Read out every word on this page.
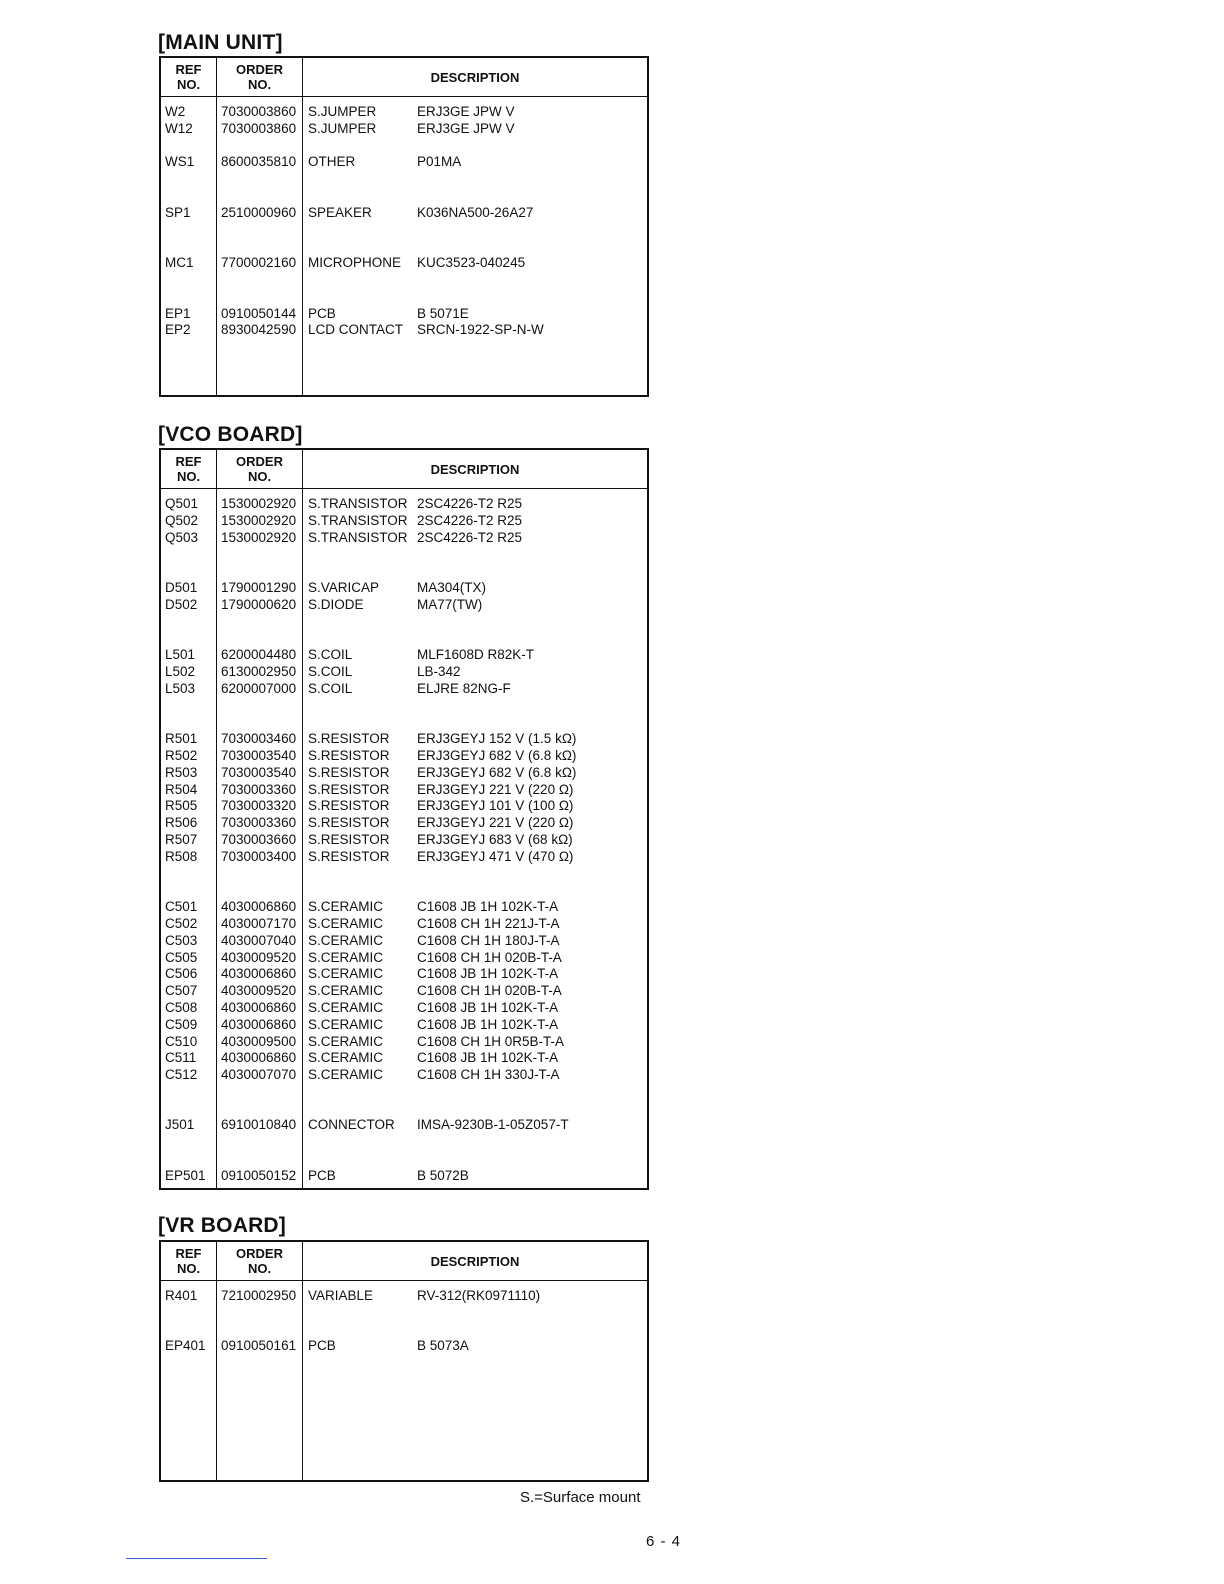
[MAIN UNIT]
REF
NO.
ORDER
NO.	DESCRIPTION
W2	7030003860 S.JUMPER	ERJ3GE JPW V
W12 7030003860 S.JUMPER	ERJ3GE JPW V
WS1 8600035810 OTHER	P01MA
SP1 2510000960 SPEAKER	K036NA500-26A27
MC1 7700002160 MICROPHONE KUC3523-040245
EP1 0910050144 PCB	B 5071E
EP2 8930042590 LCD CONTACT SRCN-1922-SP-N-W
[VCO BOARD]
REF
NO.
ORDER
NO.	DESCRIPTION
Q501 1530002920 S.TRANSISTOR 2SC4226-T2 R25
Q502 1530002920 S.TRANSISTOR 2SC4226-T2 R25
Q503 1530002920 S.TRANSISTOR 2SC4226-T2 R25
D501 1790001290 S.VARICAP	MA304(TX)
D502 1790000620 S.DIODE	MA77(TW)
L501 6200004480 S.COIL	MLF1608D R82K-T
L502 6130002950 S.COIL	LB-342
L503 6200007000 S.COIL	ELJRE 82NG-F
R501 7030003460 S.RESISTOR ERJ3GEYJ 152 V (1.5 kΩ)
R502 7030003540 S.RESISTOR ERJ3GEYJ 682 V (6.8 kΩ)
R503 7030003540 S.RESISTOR ERJ3GEYJ 682 V (6.8 kΩ)
R504 7030003360 S.RESISTOR ERJ3GEYJ 221 V (220 Ω)
R505 7030003320 S.RESISTOR ERJ3GEYJ 101 V (100 Ω)
R506 7030003360 S.RESISTOR ERJ3GEYJ 221 V (220 Ω)
R507 7030003660 S.RESISTOR ERJ3GEYJ 683 V (68 kΩ)
R508 7030003400 S.RESISTOR ERJ3GEYJ 471 V (470 Ω)
C501 4030006860 S.CERAMIC	C1608 JB 1H 102K-T-A
C502 4030007170 S.CERAMIC	C1608 CH 1H 221J-T-A
C503 4030007040 S.CERAMIC	C1608 CH 1H 180J-T-A
C505 4030009520 S.CERAMIC	C1608 CH 1H 020B-T-A
C506 4030006860 S.CERAMIC	C1608 JB 1H 102K-T-A
C507 4030009520 S.CERAMIC	C1608 CH 1H 020B-T-A
C508 4030006860 S.CERAMIC	C1608 JB 1H 102K-T-A
C509 4030006860 S.CERAMIC	C1608 JB 1H 102K-T-A
C510 4030009500 S.CERAMIC	C1608 CH 1H 0R5B-T-A
C511 4030006860 S.CERAMIC	C1608 JB 1H 102K-T-A
C512 4030007070 S.CERAMIC	C1608 CH 1H 330J-T-A
J501 6910010840 CONNECTOR IMSA-9230B-1-05Z057-T
EP501 0910050152 PCB	B 5072B
[VR BOARD]
REF
NO.
ORDER
NO.	DESCRIPTION
R401 7210002950 VARIABLE	RV-312(RK0971110)
EP401 0910050161 PCB	B 5073A
S.=Surface mount
6 - 4
